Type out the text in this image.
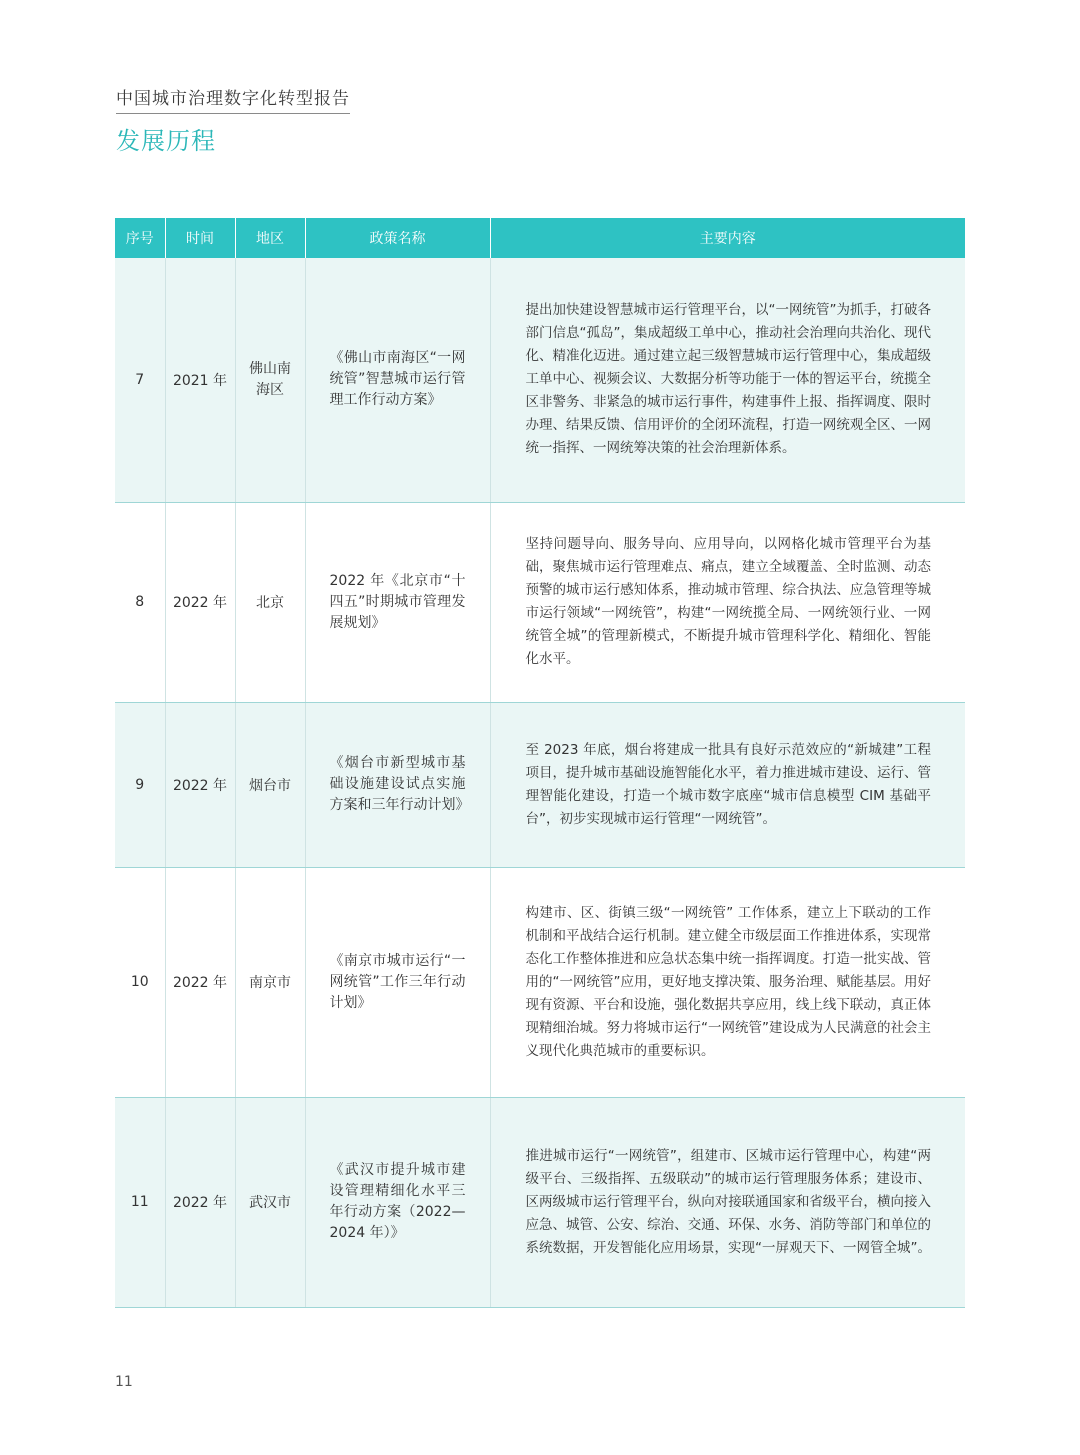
中国城市治理数字化转型报告
发展历程
序号	时间	地区	政策名称	主要内容
7	2021 年	佛山南海区	《佛山市南海区“一网统管”智慧城市运行管理工作行动方案》	提出加快建设智慧城市运行管理平台，以“一网统管”为抓手，打破各部门信息“孤岛”，集成超级工单中心，推动社会治理向共治化、现代化、精准化迈进。通过建立起三级智慧城市运行管理中心，集成超级工单中心、视频会议、大数据分析等功能于一体的智运平台，统揽全区非警务、非紧急的城市运行事件，构建事件上报、指挥调度、限时办理、结果反馈、信用评价的全闭环流程，打造一网统观全区、一网统一指挥、一网统筹决策的社会治理新体系。
8	2022 年	北京	2022 年《北京市“十四五”时期城市管理发展规划》	坚持问题导向、服务导向、应用导向，以网格化城市管理平台为基础，聚焦城市运行管理难点、痛点，建立全域覆盖、全时监测、动态预警的城市运行感知体系，推动城市管理、综合执法、应急管理等城市运行领域“一网统管”，构建“一网统揽全局、一网统领行业、一网统管全城”的管理新模式，不断提升城市管理科学化、精细化、智能化水平。
9	2022 年	烟台市	《烟台市新型城市基础设施建设试点实施方案和三年行动计划》	至 2023 年底，烟台将建成一批具有良好示范效应的“新城建”工程项目，提升城市基础设施智能化水平，着力推进城市建设、运行、管理智能化建设，打造一个城市数字底座“城市信息模型 CIM 基础平台”，初步实现城市运行管理“一网统管”。
10	2022 年	南京市	《南京市城市运行“一网统管”工作三年行动计划》	构建市、区、街镇三级“一网统管” 工作体系，建立上下联动的工作机制和平战结合运行机制。建立健全市级层面工作推进体系，实现常态化工作整体推进和应急状态集中统一指挥调度。打造一批实战、管用的“一网统管”应用，更好地支撑决策、服务治理、赋能基层。用好现有资源、平台和设施，强化数据共享应用，线上线下联动，真正体现精细治城。努力将城市运行“一网统管”建设成为人民满意的社会主义现代化典范城市的重要标识。
11	2022 年	武汉市	《武汉市提升城市建设管理精细化水平三年行动方案（2022—2024 年）》	推进城市运行“一网统管”，组建市、区城市运行管理中心，构建“两级平台、三级指挥、五级联动”的城市运行管理服务体系；建设市、区两级城市运行管理平台，纵向对接联通国家和省级平台，横向接入应急、城管、公安、综治、交通、环保、水务、消防等部门和单位的系统数据，开发智能化应用场景，实现“一屏观天下、一网管全城”。
11
